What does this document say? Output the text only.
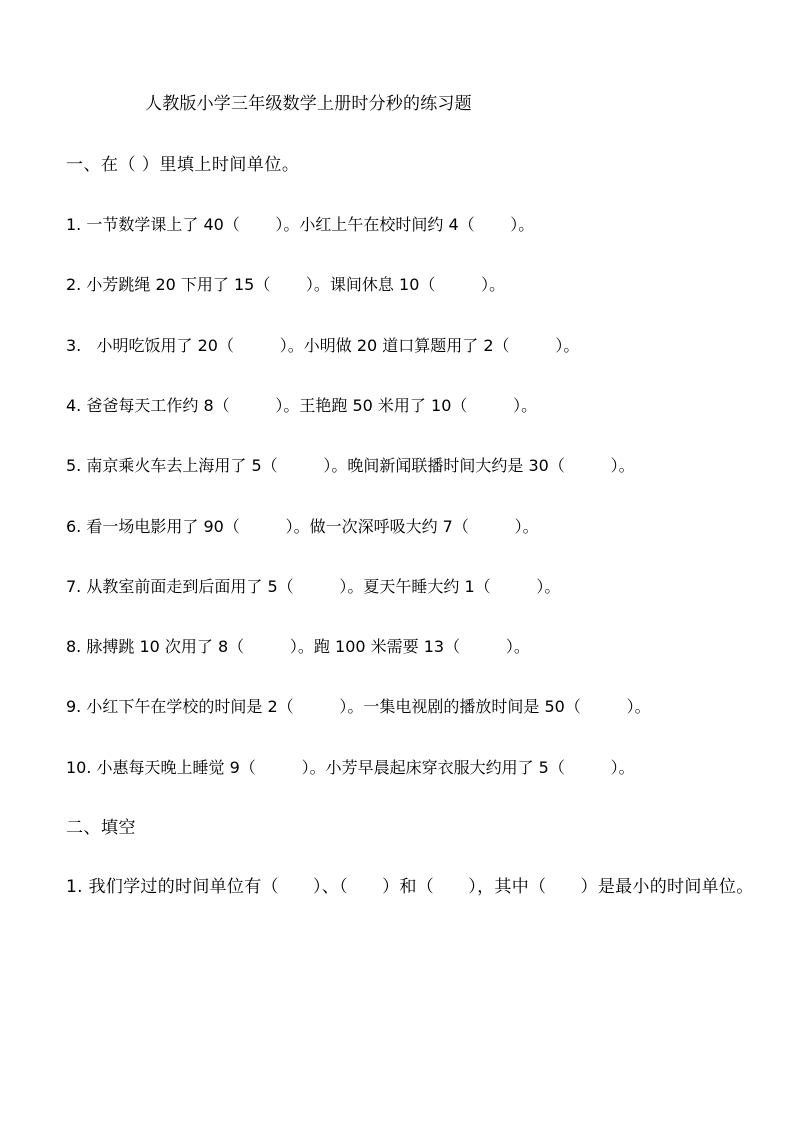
人教版小学三年级数学上册时分秒的练习题
一、在（ ）里填上时间单位。
1. 一节数学课上了 40（       ）。小红上午在校时间约 4（       ）。
2. 小芳跳绳 20 下用了 15（       ）。课间休息 10（         ）。
3.   小明吃饭用了 20（         ）。小明做 20 道口算题用了 2（         ）。
4. 爸爸每天工作约 8（         ）。王艳跑 50 米用了 10（         ）。
5. 南京乘火车去上海用了 5（         ）。晚间新闻联播时间大约是 30（         ）。
6. 看一场电影用了 90（         ）。做一次深呼吸大约 7（         ）。
7. 从教室前面走到后面用了 5（         ）。夏天午睡大约 1（         ）。
8. 脉搏跳 10 次用了 8（         ）。跑 100 米需要 13（         ）。
9. 小红下午在学校的时间是 2（         ）。一集电视剧的播放时间是 50（         ）。
10. 小惠每天晚上睡觉 9（         ）。小芳早晨起床穿衣服大约用了 5（         ）。
二、填空
1. 我们学过的时间单位有（      ）、（      ）和（      ），其中（      ）是最小的时间单位。
